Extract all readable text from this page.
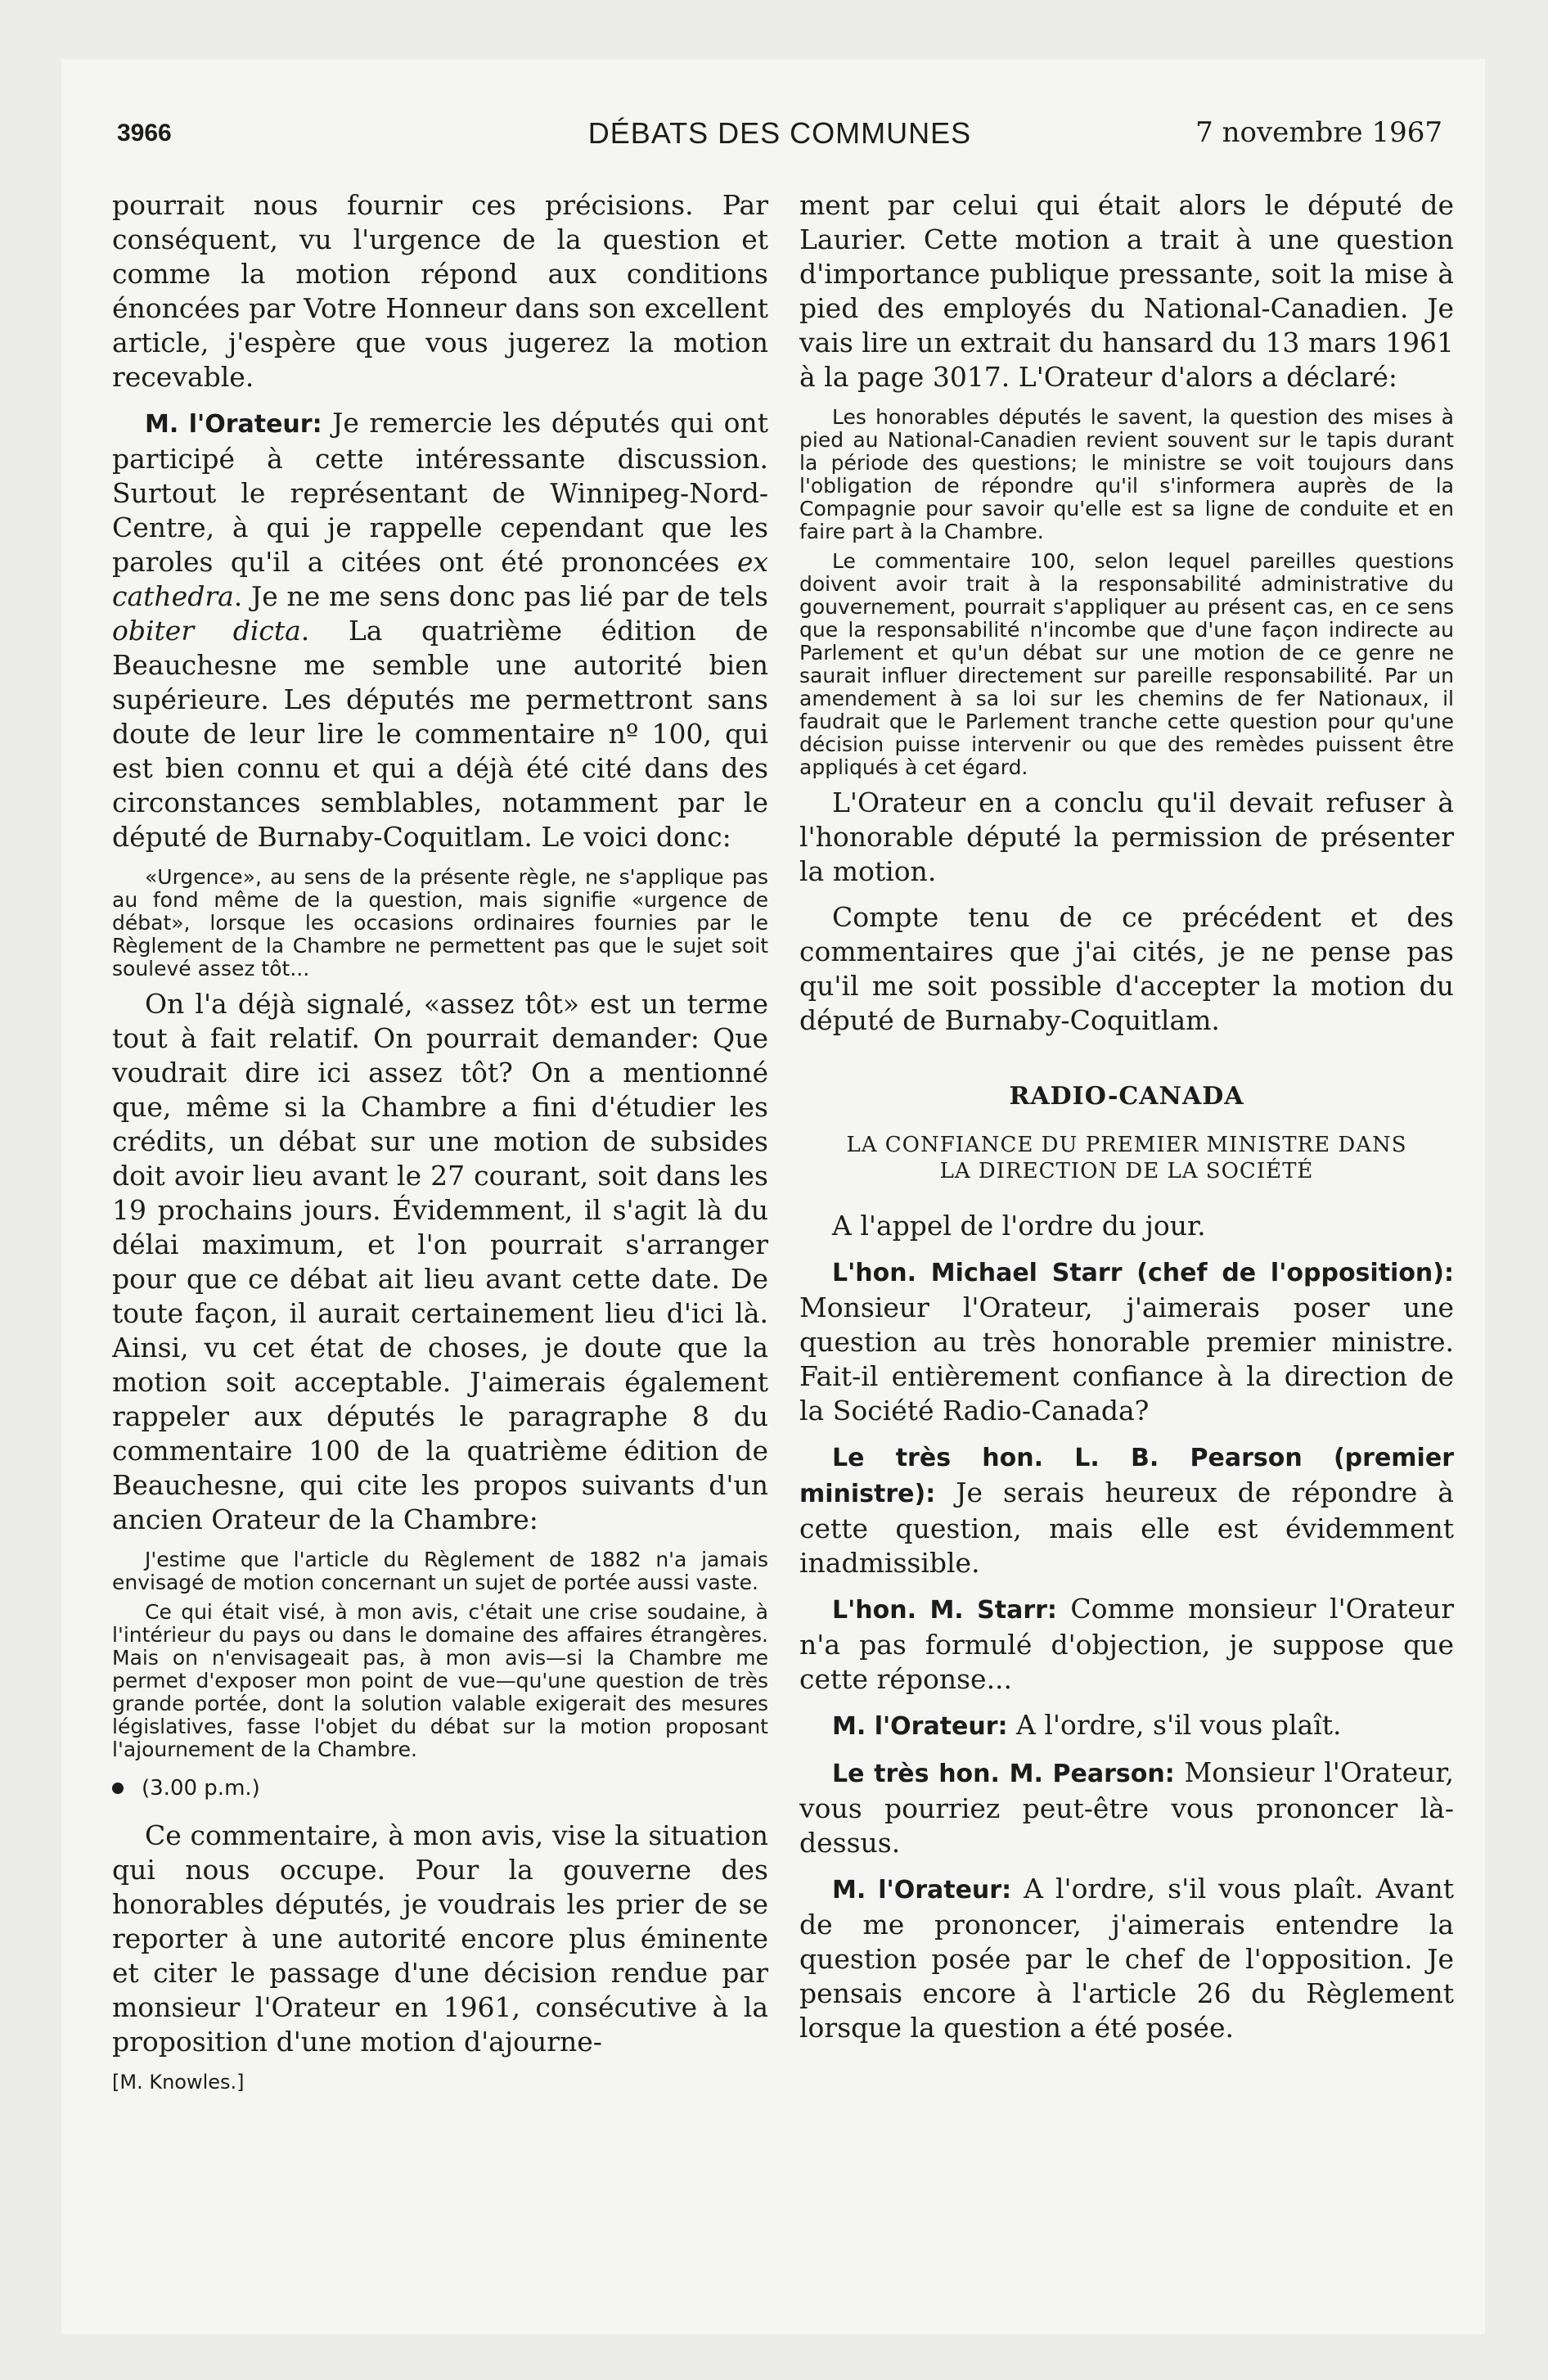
3966	DÉBATS DES COMMUNES	7 novembre 1967

pourrait nous fournir ces précisions. Par conséquent, vu l'urgence de la question et comme la motion répond aux conditions énoncées par Votre Honneur dans son excellent article, j'espère que vous jugerez la motion recevable.

M. l'Orateur: Je remercie les députés qui ont participé à cette intéressante discussion. Surtout le représentant de Winnipeg-Nord-Centre, à qui je rappelle cependant que les paroles qu'il a citées ont été prononcées ex cathedra. Je ne me sens donc pas lié par de tels obiter dicta. La quatrième édition de Beauchesne me semble une autorité bien supérieure. Les députés me permettront sans doute de leur lire le commentaire nº 100, qui est bien connu et qui a déjà été cité dans des circonstances semblables, notamment par le député de Burnaby-Coquitlam. Le voici donc:

«Urgence», au sens de la présente règle, ne s'applique pas au fond même de la question, mais signifie «urgence de débat», lorsque les occasions ordinaires fournies par le Règlement de la Chambre ne permettent pas que le sujet soit soulevé assez tôt...

On l'a déjà signalé, «assez tôt» est un terme tout à fait relatif. On pourrait demander: Que voudrait dire ici assez tôt? On a mentionné que, même si la Chambre a fini d'étudier les crédits, un débat sur une motion de subsides doit avoir lieu avant le 27 courant, soit dans les 19 prochains jours. Évidemment, il s'agit là du délai maximum, et l'on pourrait s'arranger pour que ce débat ait lieu avant cette date. De toute façon, il aurait certainement lieu d'ici là. Ainsi, vu cet état de choses, je doute que la motion soit acceptable. J'aimerais également rappeler aux députés le paragraphe 8 du commentaire 100 de la quatrième édition de Beauchesne, qui cite les propos suivants d'un ancien Orateur de la Chambre:

J'estime que l'article du Règlement de 1882 n'a jamais envisagé de motion concernant un sujet de portée aussi vaste.

Ce qui était visé, à mon avis, c'était une crise soudaine, à l'intérieur du pays ou dans le domaine des affaires étrangères. Mais on n'envisageait pas, à mon avis—si la Chambre me permet d'exposer mon point de vue—qu'une question de très grande portée, dont la solution valable exigerait des mesures législatives, fasse l'objet du débat sur la motion proposant l'ajournement de la Chambre.

(3.00 p.m.)

Ce commentaire, à mon avis, vise la situation qui nous occupe. Pour la gouverne des honorables députés, je voudrais les prier de se reporter à une autorité encore plus éminente et citer le passage d'une décision rendue par monsieur l'Orateur en 1961, consécutive à la proposition d'une motion d'ajourne-

[M. Knowles.]

ment par celui qui était alors le député de Laurier. Cette motion a trait à une question d'importance publique pressante, soit la mise à pied des employés du National-Canadien. Je vais lire un extrait du hansard du 13 mars 1961 à la page 3017. L'Orateur d'alors a déclaré:

Les honorables députés le savent, la question des mises à pied au National-Canadien revient souvent sur le tapis durant la période des questions; le ministre se voit toujours dans l'obligation de répondre qu'il s'informera auprès de la Compagnie pour savoir qu'elle est sa ligne de conduite et en faire part à la Chambre.

Le commentaire 100, selon lequel pareilles questions doivent avoir trait à la responsabilité administrative du gouvernement, pourrait s'appliquer au présent cas, en ce sens que la responsabilité n'incombe que d'une façon indirecte au Parlement et qu'un débat sur une motion de ce genre ne saurait influer directement sur pareille responsabilité. Par un amendement à sa loi sur les chemins de fer Nationaux, il faudrait que le Parlement tranche cette question pour qu'une décision puisse intervenir ou que des remèdes puissent être appliqués à cet égard.

L'Orateur en a conclu qu'il devait refuser à l'honorable député la permission de présenter la motion.

Compte tenu de ce précédent et des commentaires que j'ai cités, je ne pense pas qu'il me soit possible d'accepter la motion du député de Burnaby-Coquitlam.

RADIO-CANADA
LA CONFIANCE DU PREMIER MINISTRE DANS
LA DIRECTION DE LA SOCIÉTÉ

A l'appel de l'ordre du jour.

L'hon. Michael Starr (chef de l'opposition): Monsieur l'Orateur, j'aimerais poser une question au très honorable premier ministre. Fait-il entièrement confiance à la direction de la Société Radio-Canada?

Le très hon. L. B. Pearson (premier ministre): Je serais heureux de répondre à cette question, mais elle est évidemment inadmissible.

L'hon. M. Starr: Comme monsieur l'Orateur n'a pas formulé d'objection, je suppose que cette réponse...

M. l'Orateur: A l'ordre, s'il vous plaît.

Le très hon. M. Pearson: Monsieur l'Orateur, vous pourriez peut-être vous prononcer là-dessus.

M. l'Orateur: A l'ordre, s'il vous plaît. Avant de me prononcer, j'aimerais entendre la question posée par le chef de l'opposition. Je pensais encore à l'article 26 du Règlement lorsque la question a été posée.
